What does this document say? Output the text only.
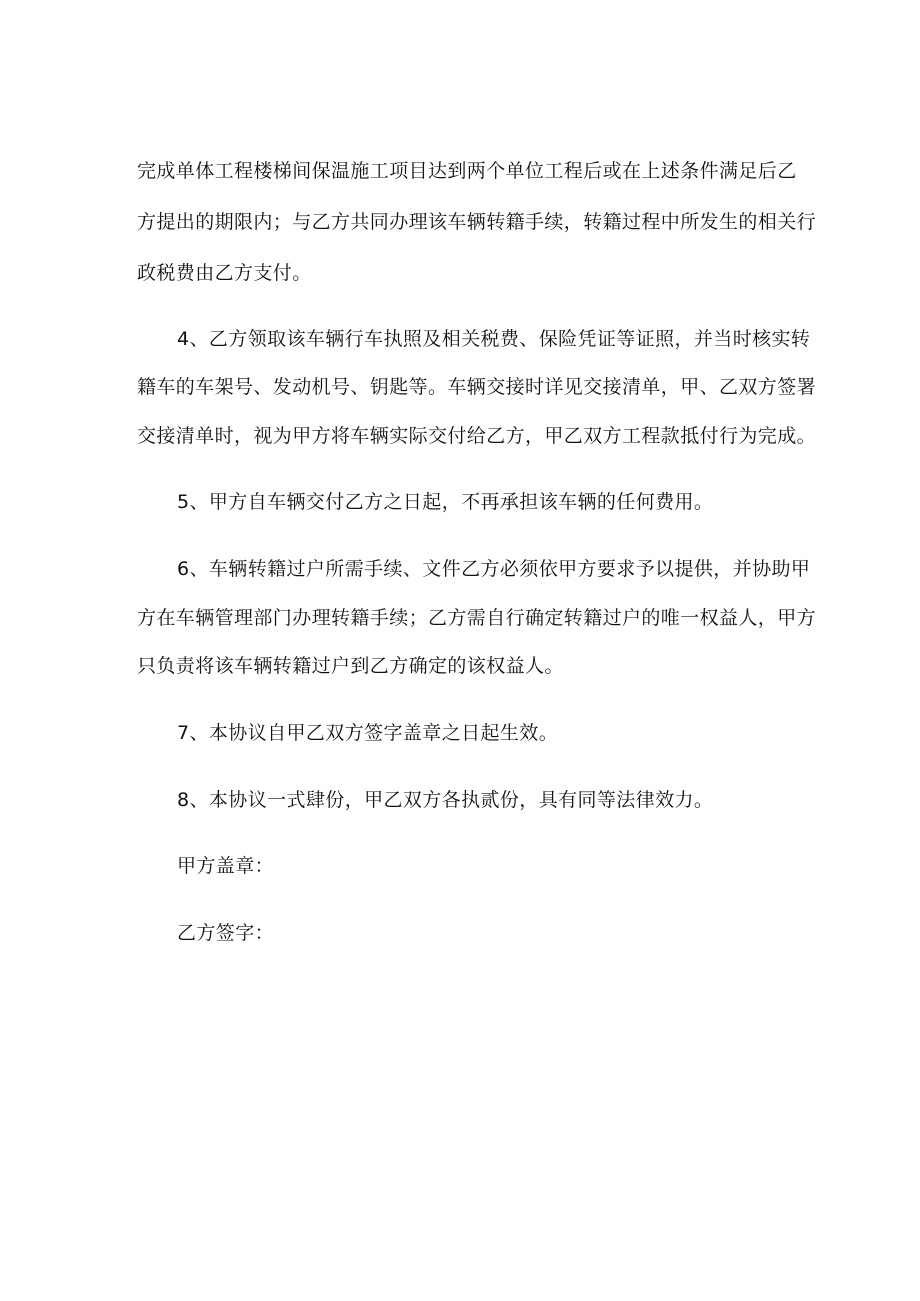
完成单体工程楼梯间保温施工项目达到两个单位工程后或在上述条件满足后乙

方提出的期限内；与乙方共同办理该车辆转籍手续，转籍过程中所发生的相关行

政税费由乙方支付。

4、乙方领取该车辆行车执照及相关税费、保险凭证等证照，并当时核实转

籍车的车架号、发动机号、钥匙等。车辆交接时详见交接清单，甲、乙双方签署

交接清单时，视为甲方将车辆实际交付给乙方，甲乙双方工程款抵付行为完成。

5、甲方自车辆交付乙方之日起，不再承担该车辆的任何费用。

6、车辆转籍过户所需手续、文件乙方必须依甲方要求予以提供，并协助甲

方在车辆管理部门办理转籍手续；乙方需自行确定转籍过户的唯一权益人，甲方

只负责将该车辆转籍过户到乙方确定的该权益人。

7、本协议自甲乙双方签字盖章之日起生效。

8、本协议一式肆份，甲乙双方各执贰份，具有同等法律效力。

甲方盖章：

乙方签字：
